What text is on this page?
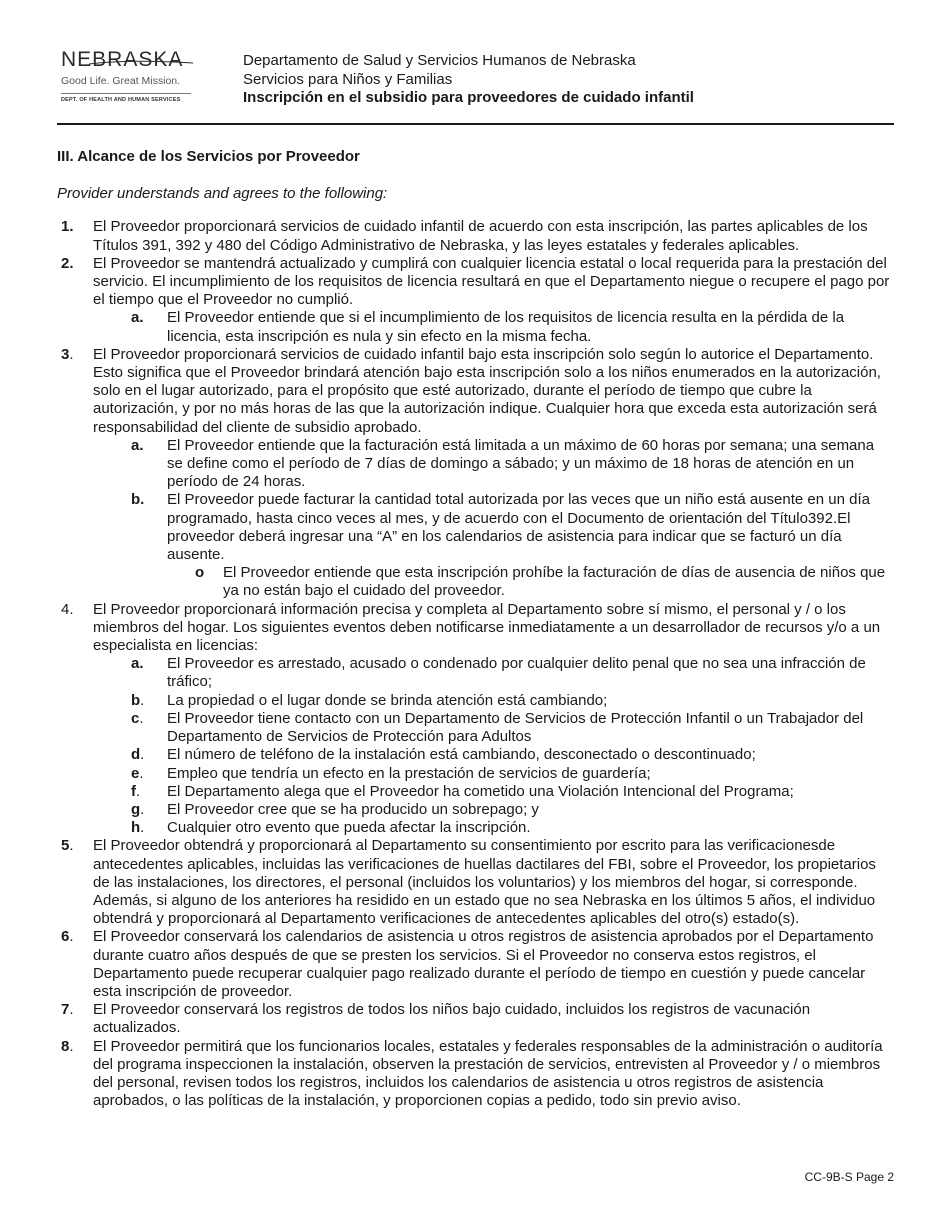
NEBRASKA
Good Life. Great Mission.
DEPT. OF HEALTH AND HUMAN SERVICES
Departamento de Salud y Servicios Humanos de Nebraska
Servicios para Niños y Familias
Inscripción en el subsidio para proveedores de cuidado infantil

III. Alcance de los Servicios por Proveedor

Provider understands and agrees to the following:

1. El Proveedor proporcionará servicios de cuidado infantil de acuerdo con esta inscripción, las partes aplicables de los Títulos 391, 392 y 480 del Código Administrativo de Nebraska, y las leyes estatales y federales aplicables.
2. El Proveedor se mantendrá actualizado y cumplirá con cualquier licencia estatal o local requerida para la prestación del servicio. El incumplimiento de los requisitos de licencia resultará en que el Departamento niegue o recupere el pago por el tiempo que el Proveedor no cumplió.
a. El Proveedor entiende que si el incumplimiento de los requisitos de licencia resulta en la pérdida de la licencia, esta inscripción es nula y sin efecto en la misma fecha.
3. El Proveedor proporcionará servicios de cuidado infantil bajo esta inscripción solo según lo autorice el Departamento. Esto significa que el Proveedor brindará atención bajo esta inscripción solo a los niños enumerados en la autorización, solo en el lugar autorizado, para el propósito que esté autorizado, durante el período de tiempo que cubre la autorización, y por no más horas de las que la autorización indique. Cualquier hora que exceda esta autorización será responsabilidad del cliente de subsidio aprobado.
a. El Proveedor entiende que la facturación está limitada a un máximo de 60 horas por semana; una semana se define como el período de 7 días de domingo a sábado; y un máximo de 18 horas de atención en un período de 24 horas.
b. El Proveedor puede facturar la cantidad total autorizada por las veces que un niño está ausente en un día programado, hasta cinco veces al mes, y de acuerdo con el Documento de orientación del Título392.El proveedor deberá ingresar una “A” en los calendarios de asistencia para indicar que se facturó un día ausente.
o El Proveedor entiende que esta inscripción prohíbe la facturación de días de ausencia de niños que ya no están bajo el cuidado del proveedor.
4. El Proveedor proporcionará información precisa y completa al Departamento sobre sí mismo, el personal y / o los miembros del hogar. Los siguientes eventos deben notificarse inmediatamente a un desarrollador de recursos y/o a un especialista en licencias:
a. El Proveedor es arrestado, acusado o condenado por cualquier delito penal que no sea una infracción de tráfico;
b. La propiedad o el lugar donde se brinda atención está cambiando;
c. El Proveedor tiene contacto con un Departamento de Servicios de Protección Infantil o un Trabajador del Departamento de Servicios de Protección para Adultos
d. El número de teléfono de la instalación está cambiando, desconectado o descontinuado;
e. Empleo que tendría un efecto en la prestación de servicios de guardería;
f. El Departamento alega que el Proveedor ha cometido una Violación Intencional del Programa;
g. El Proveedor cree que se ha producido un sobrepago; y
h. Cualquier otro evento que pueda afectar la inscripción.
5. El Proveedor obtendrá y proporcionará al Departamento su consentimiento por escrito para las verificacionesde antecedentes aplicables, incluidas las verificaciones de huellas dactilares del FBI, sobre el Proveedor, los propietarios de las instalaciones, los directores, el personal (incluidos los voluntarios) y los miembros del hogar, si corresponde. Además, si alguno de los anteriores ha residido en un estado que no sea Nebraska en los últimos 5 años, el individuo obtendrá y proporcionará al Departamento verificaciones de antecedentes aplicables del otro(s) estado(s).
6. El Proveedor conservará los calendarios de asistencia u otros registros de asistencia aprobados por el Departamento durante cuatro años después de que se presten los servicios. Si el Proveedor no conserva estos registros, el Departamento puede recuperar cualquier pago realizado durante el período de tiempo en cuestión y puede cancelar esta inscripción de proveedor.
7. El Proveedor conservará los registros de todos los niños bajo cuidado, incluidos los registros de vacunación actualizados.
8. El Proveedor permitirá que los funcionarios locales, estatales y federales responsables de la administración o auditoría del programa inspeccionen la instalación, observen la prestación de servicios, entrevisten al Proveedor y / o miembros del personal, revisen todos los registros, incluidos los calendarios de asistencia u otros registros de asistencia aprobados, o las políticas de la instalación, y proporcionen copias a pedido, todo sin previo aviso.
CC-9B-S Page 2
